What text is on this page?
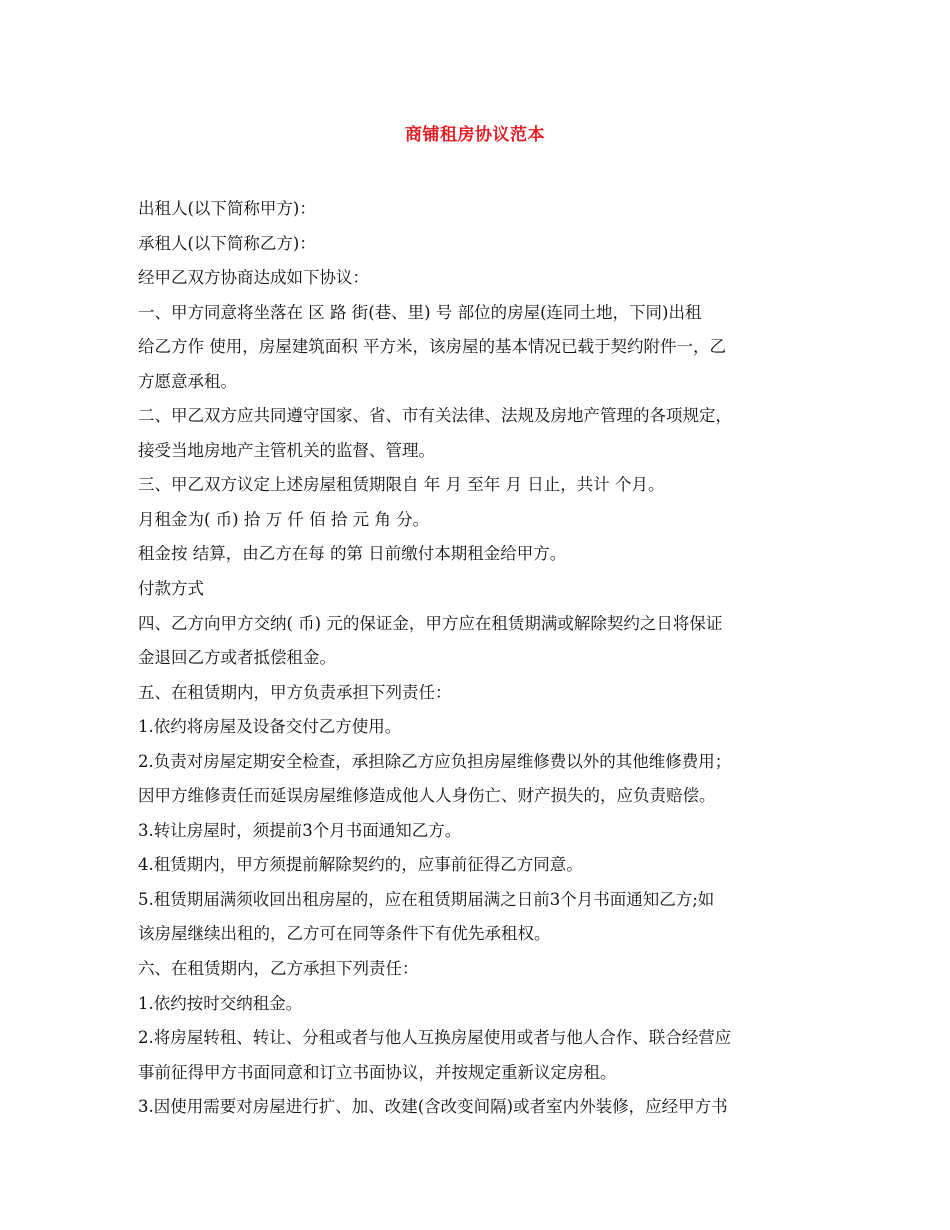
商铺租房协议范本
出租人(以下简称甲方)：
承租人(以下简称乙方)：
经甲乙双方协商达成如下协议：
一、甲方同意将坐落在 区 路 街(巷、里) 号 部位的房屋(连同土地，下同)出租
给乙方作 使用，房屋建筑面积 平方米，该房屋的基本情况已载于契约附件一，乙
方愿意承租。
二、甲乙双方应共同遵守国家、省、市有关法律、法规及房地产管理的各项规定，
接受当地房地产主管机关的监督、管理。
三、甲乙双方议定上述房屋租赁期限自 年 月 至年 月 日止，共计 个月。
月租金为( 币) 拾 万 仟 佰 拾 元 角 分。
租金按 结算，由乙方在每 的第 日前缴付本期租金给甲方。
付款方式
四、乙方向甲方交纳( 币) 元的保证金，甲方应在租赁期满或解除契约之日将保证
金退回乙方或者抵偿租金。
五、在租赁期内，甲方负责承担下列责任：
1.依约将房屋及设备交付乙方使用。
2.负责对房屋定期安全检查，承担除乙方应负担房屋维修费以外的其他维修费用；
因甲方维修责任而延误房屋维修造成他人人身伤亡、财产损失的，应负责赔偿。
3.转让房屋时，须提前3个月书面通知乙方。
4.租赁期内，甲方须提前解除契约的，应事前征得乙方同意。
5.租赁期届满须收回出租房屋的，应在租赁期届满之日前3个月书面通知乙方;如
该房屋继续出租的，乙方可在同等条件下有优先承租权。
六、在租赁期内，乙方承担下列责任：
1.依约按时交纳租金。
2.将房屋转租、转让、分租或者与他人互换房屋使用或者与他人合作、联合经营应
事前征得甲方书面同意和订立书面协议，并按规定重新议定房租。
3.因使用需要对房屋进行扩、加、改建(含改变间隔)或者室内外装修，应经甲方书
